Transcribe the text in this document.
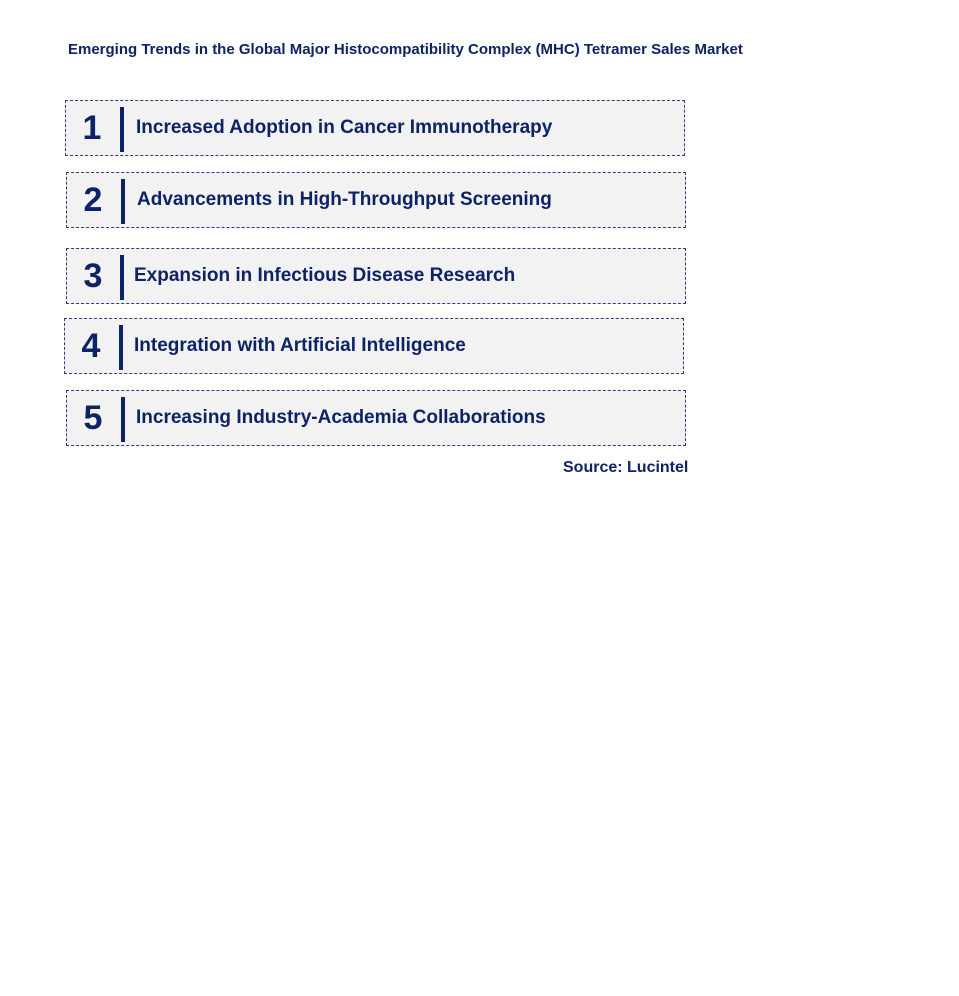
Emerging Trends in the Global Major Histocompatibility Complex (MHC) Tetramer Sales Market
1	Increased Adoption in Cancer Immunotherapy
2	Advancements in High-Throughput Screening
3	Expansion in Infectious Disease Research
4	Integration with Artificial Intelligence
5	Increasing Industry-Academia Collaborations
Source: Lucintel
